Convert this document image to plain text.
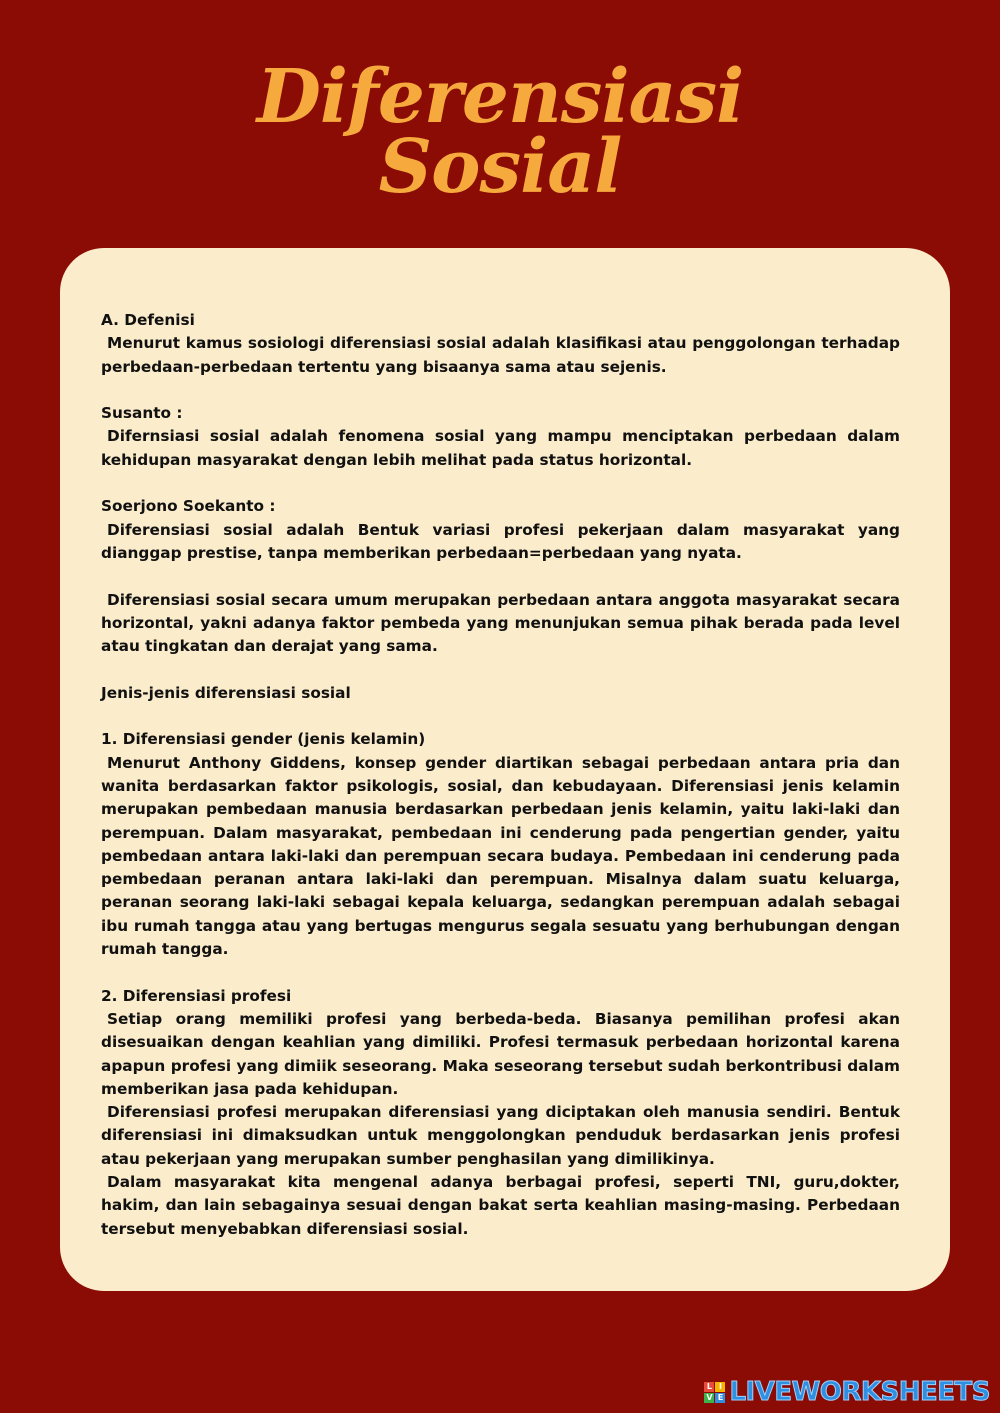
Diferensiasi
Sosial

A. Defenisi

Menurut kamus sosiologi diferensiasi sosial adalah klasifikasi atau penggolongan terhadap perbedaan-perbedaan tertentu yang bisaanya sama atau sejenis.

Susanto :

Difernsiasi sosial adalah fenomena sosial yang mampu menciptakan perbedaan dalam kehidupan masyarakat dengan lebih melihat pada status horizontal.

Soerjono Soekanto :

Diferensiasi sosial adalah Bentuk variasi profesi pekerjaan dalam masyarakat yang dianggap prestise, tanpa memberikan perbedaan=perbedaan yang nyata.

Diferensiasi sosial secara umum merupakan perbedaan antara anggota masyarakat secara horizontal, yakni adanya faktor pembeda yang menunjukan semua pihak berada pada level atau tingkatan dan derajat yang sama.

Jenis-jenis diferensiasi sosial

1. Diferensiasi gender (jenis kelamin)

Menurut Anthony Giddens, konsep gender diartikan sebagai perbedaan antara pria dan wanita berdasarkan faktor psikologis, sosial, dan kebudayaan. Diferensiasi jenis kelamin merupakan pembedaan manusia berdasarkan perbedaan jenis kelamin, yaitu laki-laki dan perempuan. Dalam masyarakat, pembedaan ini cenderung pada pengertian gender, yaitu pembedaan antara laki-laki dan perempuan secara budaya. Pembedaan ini cenderung pada pembedaan peranan antara laki-laki dan perempuan. Misalnya dalam suatu keluarga, peranan seorang laki-laki sebagai kepala keluarga, sedangkan perempuan adalah sebagai ibu rumah tangga atau yang bertugas mengurus segala sesuatu yang berhubungan dengan rumah tangga.

2. Diferensiasi profesi

Setiap orang memiliki profesi yang berbeda-beda. Biasanya pemilihan profesi akan disesuaikan dengan keahlian yang dimiliki. Profesi termasuk perbedaan horizontal karena apapun profesi yang dimiik seseorang. Maka seseorang tersebut sudah berkontribusi dalam memberikan jasa pada kehidupan.

Diferensiasi profesi merupakan diferensiasi yang diciptakan oleh manusia sendiri. Bentuk diferensiasi ini dimaksudkan untuk menggolongkan penduduk berdasarkan jenis profesi atau pekerjaan yang merupakan sumber penghasilan yang dimilikinya.

Dalam masyarakat kita mengenal adanya berbagai profesi, seperti TNI, guru,dokter, hakim, dan lain sebagainya sesuai dengan bakat serta keahlian masing-masing. Perbedaan tersebut menyebabkan diferensiasi sosial.

L I
V E LIVEWORKSHEETS
